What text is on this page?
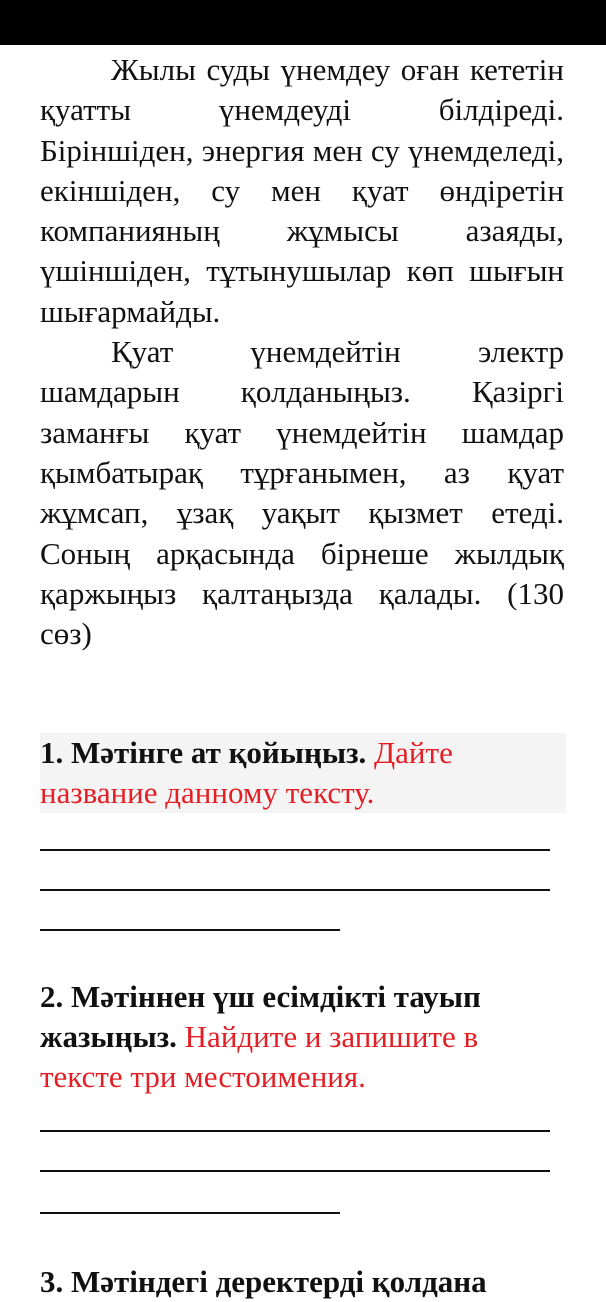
Жылы суды үнемдеу оған кететін қуатты үнемдеуді білдіреді. Біріншіден, энергия мен су үнемделеді, екіншіден, су мен қуат өндіретін компанияның жұмысы азаяды, үшіншіден, тұтынушылар көп шығын шығармайды.

Қуат үнемдейтін электр шамдарын қолданыңыз. Қазіргі заманғы қуат үнемдейтін шамдар қымбатырақ тұрғанымен, аз қуат жұмсап, ұзақ уақыт қызмет етеді. Соның арқасында бірнеше жылдық қаржыңыз қалтаңызда қалады. (130 сөз)

1. Мәтінге ат қойыңыз. Дайте название данному тексту.

2. Мәтіннен үш есімдікті тауып жазыңыз. Найдите и запишите в тексте три местоимения.

3. Мәтіндегі деректерді қолдана
